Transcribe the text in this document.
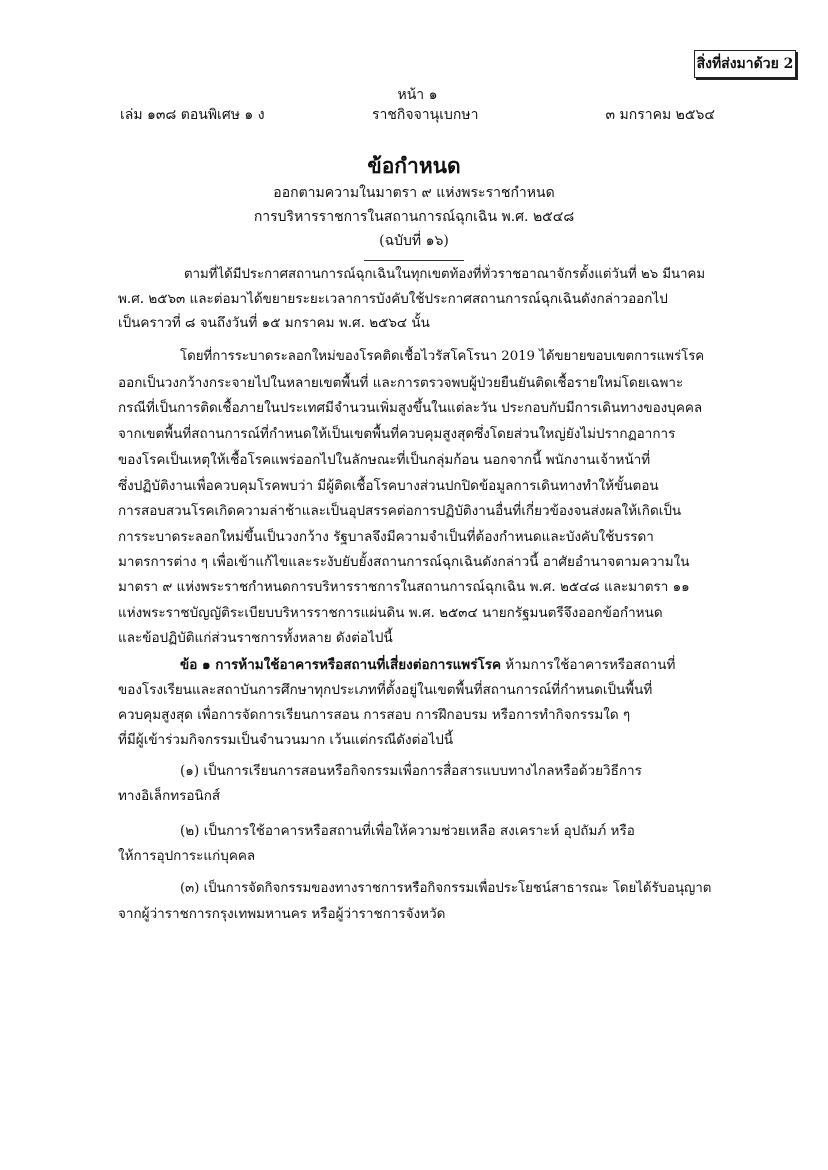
สิ่งที่ส่งมาด้วย 2
หน้า ๑
เล่ม ๑๓๘ ตอนพิเศษ ๑ ง	ราชกิจจานุเบกษา	๓ มกราคม ๒๕๖๔
ข้อกำหนด
ออกตามความในมาตรา ๙ แห่งพระราชกำหนด
การบริหารราชการในสถานการณ์ฉุกเฉิน พ.ศ. ๒๕๔๘
(ฉบับที่ ๑๖)
ตามที่ได้มีประกาศสถานการณ์ฉุกเฉินในทุกเขตท้องที่ทั่วราชอาณาจักรตั้งแต่วันที่ ๒๖ มีนาคม
พ.ศ. ๒๕๖๓ และต่อมาได้ขยายระยะเวลาการบังคับใช้ประกาศสถานการณ์ฉุกเฉินดังกล่าวออกไป
เป็นคราวที่ ๘ จนถึงวันที่ ๑๕ มกราคม พ.ศ. ๒๕๖๔ นั้น
โดยที่การระบาดระลอกใหม่ของโรคติดเชื้อไวรัสโคโรนา 2019 ได้ขยายขอบเขตการแพร่โรค
ออกเป็นวงกว้างกระจายไปในหลายเขตพื้นที่ และการตรวจพบผู้ป่วยยืนยันติดเชื้อรายใหม่โดยเฉพาะ
กรณีที่เป็นการติดเชื้อภายในประเทศมีจำนวนเพิ่มสูงขึ้นในแต่ละวัน ประกอบกับมีการเดินทางของบุคคล
จากเขตพื้นที่สถานการณ์ที่กำหนดให้เป็นเขตพื้นที่ควบคุมสูงสุดซึ่งโดยส่วนใหญ่ยังไม่ปรากฏอาการ
ของโรคเป็นเหตุให้เชื้อโรคแพร่ออกไปในลักษณะที่เป็นกลุ่มก้อน นอกจากนี้ พนักงานเจ้าหน้าที่
ซึ่งปฏิบัติงานเพื่อควบคุมโรคพบว่า มีผู้ติดเชื้อโรคบางส่วนปกปิดข้อมูลการเดินทางทำให้ขั้นตอน
การสอบสวนโรคเกิดความล่าช้าและเป็นอุปสรรคต่อการปฏิบัติงานอื่นที่เกี่ยวข้องจนส่งผลให้เกิดเป็น
การระบาดระลอกใหม่ขึ้นเป็นวงกว้าง รัฐบาลจึงมีความจำเป็นที่ต้องกำหนดและบังคับใช้บรรดา
มาตรการต่าง ๆ เพื่อเข้าแก้ไขและระงับยับยั้งสถานการณ์ฉุกเฉินดังกล่าวนี้ อาศัยอำนาจตามความใน
มาตรา ๙ แห่งพระราชกำหนดการบริหารราชการในสถานการณ์ฉุกเฉิน พ.ศ. ๒๕๔๘ และมาตรา ๑๑
แห่งพระราชบัญญัติระเบียบบริหารราชการแผ่นดิน พ.ศ. ๒๕๓๔ นายกรัฐมนตรีจึงออกข้อกำหนด
และข้อปฏิบัติแก่ส่วนราชการทั้งหลาย ดังต่อไปนี้
ข้อ ๑ การห้ามใช้อาคารหรือสถานที่เสี่ยงต่อการแพร่โรค ห้ามการใช้อาคารหรือสถานที่
ของโรงเรียนและสถาบันการศึกษาทุกประเภทที่ตั้งอยู่ในเขตพื้นที่สถานการณ์ที่กำหนดเป็นพื้นที่
ควบคุมสูงสุด เพื่อการจัดการเรียนการสอน การสอบ การฝึกอบรม หรือการทำกิจกรรมใด ๆ
ที่มีผู้เข้าร่วมกิจกรรมเป็นจำนวนมาก เว้นแต่กรณีดังต่อไปนี้
(๑) เป็นการเรียนการสอนหรือกิจกรรมเพื่อการสื่อสารแบบทางไกลหรือด้วยวิธีการ
ทางอิเล็กทรอนิกส์
(๒) เป็นการใช้อาคารหรือสถานที่เพื่อให้ความช่วยเหลือ สงเคราะห์ อุปถัมภ์ หรือ
ให้การอุปการะแก่บุคคล
(๓) เป็นการจัดกิจกรรมของทางราชการหรือกิจกรรมเพื่อประโยชน์สาธารณะ โดยได้รับอนุญาต
จากผู้ว่าราชการกรุงเทพมหานคร หรือผู้ว่าราชการจังหวัด
